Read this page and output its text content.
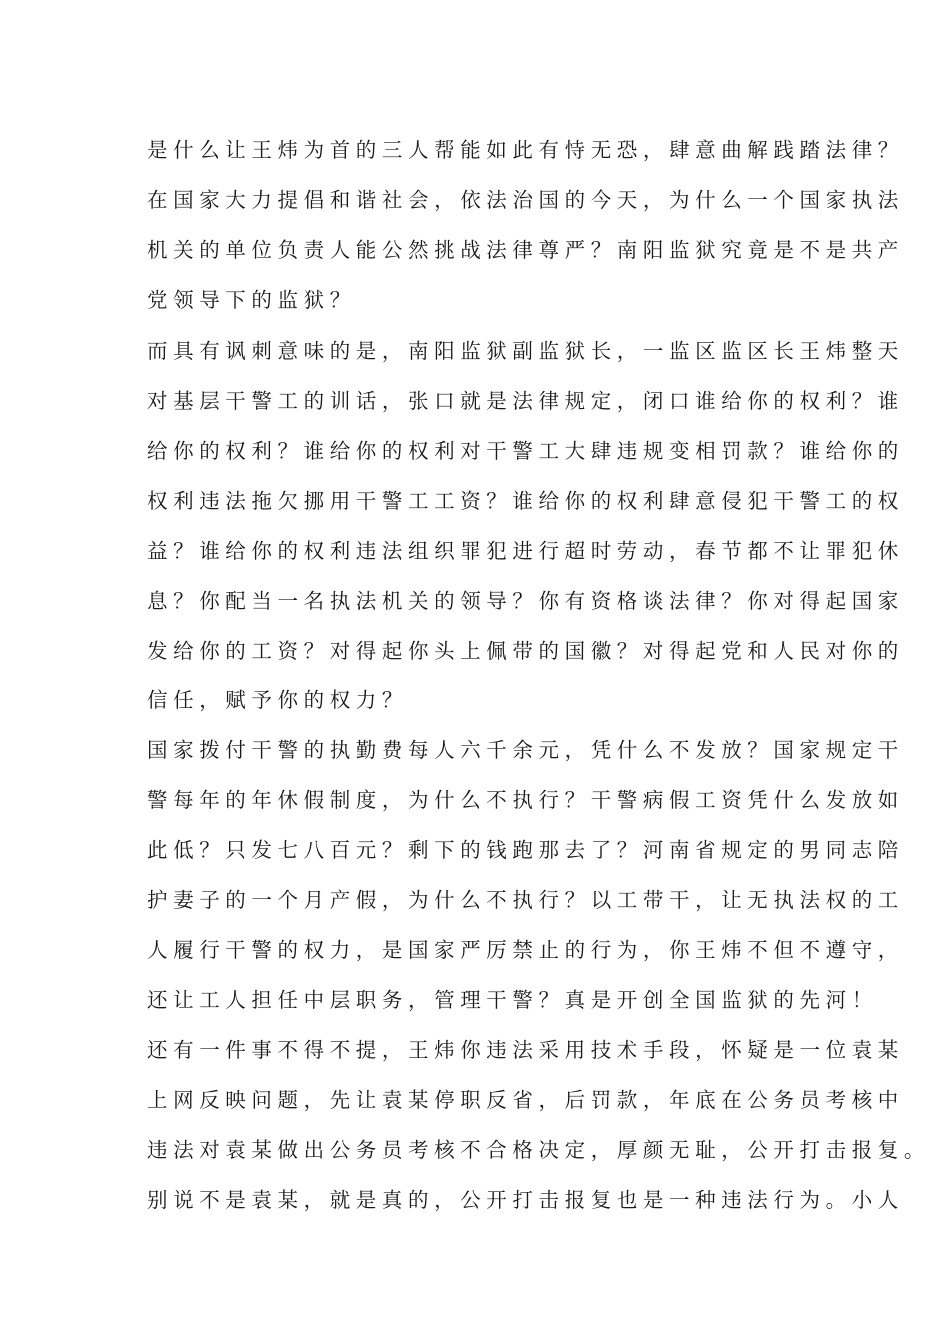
是什么让王炜为首的三人帮能如此有恃无恐，肆意曲解践踏法律？
在国家大力提倡和谐社会，依法治国的今天，为什么一个国家执法
机关的单位负责人能公然挑战法律尊严？南阳监狱究竟是不是共产
党领导下的监狱？
而具有讽刺意味的是，南阳监狱副监狱长，一监区监区长王炜整天
对基层干警工的训话，张口就是法律规定，闭口谁给你的权利？谁
给你的权利？谁给你的权利对干警工大肆违规变相罚款？谁给你的
权利违法拖欠挪用干警工工资？谁给你的权利肆意侵犯干警工的权
益？谁给你的权利违法组织罪犯进行超时劳动，春节都不让罪犯休
息？你配当一名执法机关的领导？你有资格谈法律？你对得起国家
发给你的工资？对得起你头上佩带的国徽？对得起党和人民对你的
信任，赋予你的权力？
国家拨付干警的执勤费每人六千余元，凭什么不发放？国家规定干
警每年的年休假制度，为什么不执行？干警病假工资凭什么发放如
此低？只发七八百元？剩下的钱跑那去了？河南省规定的男同志陪
护妻子的一个月产假，为什么不执行？以工带干，让无执法权的工
人履行干警的权力，是国家严厉禁止的行为，你王炜不但不遵守，
还让工人担任中层职务，管理干警？真是开创全国监狱的先河！
还有一件事不得不提，王炜你违法采用技术手段，怀疑是一位袁某
上网反映问题，先让袁某停职反省，后罚款，年底在公务员考核中
违法对袁某做出公务员考核不合格决定，厚颜无耻，公开打击报复。
别说不是袁某，就是真的，公开打击报复也是一种违法行为。小人
